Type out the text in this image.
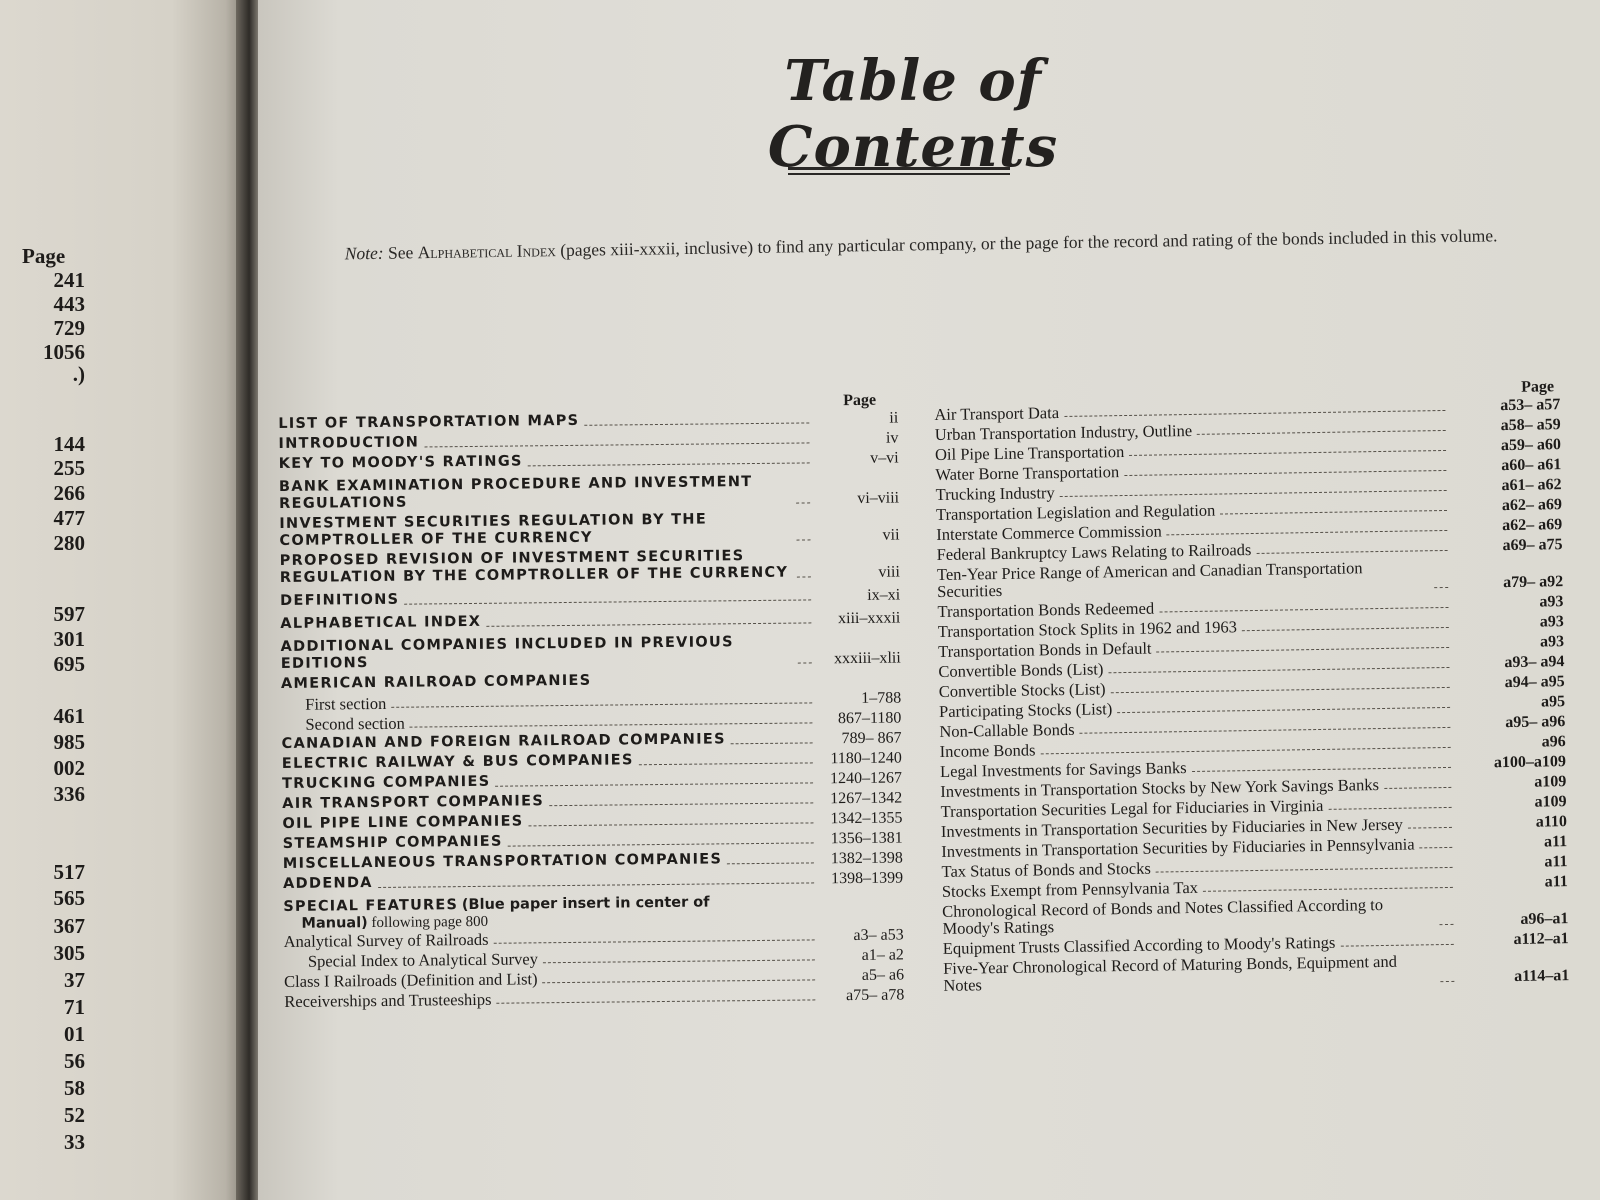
Page
241
443
729
1056
.)
144
255
266
477
280
597
301
695
461
985
002
336
517
565
367
305
37
71
01
56
58
52
33
Table of Contents
Note: See Alphabetical Index (pages xiii-xxxii, inclusive) to find any particular company, or the page for the record and rating of the bonds included in this volume.
Page
LIST OF TRANSPORTATION MAPS	ii
INTRODUCTION	iv
KEY TO MOODY'S RATINGS	v–vi
BANK EXAMINATION PROCEDURE AND INVESTMENT REGULATIONS	vi–viii
INVESTMENT SECURITIES REGULATION BY THE COMPTROLLER OF THE CURRENCY	vii
PROPOSED REVISION OF INVESTMENT SECURITIES REGULATION BY THE COMPTROLLER OF THE CURRENCY	viii
DEFINITIONS	ix–xi
ALPHABETICAL INDEX	xiii–xxxii
ADDITIONAL COMPANIES INCLUDED IN PREVIOUS EDITIONS	xxxiii–xlii
AMERICAN RAILROAD COMPANIES
First section	1–788
Second section	867–1180
CANADIAN AND FOREIGN RAILROAD COMPANIES	789– 867
ELECTRIC RAILWAY & BUS COMPANIES	1180–1240
TRUCKING COMPANIES	1240–1267
AIR TRANSPORT COMPANIES	1267–1342
OIL PIPE LINE COMPANIES	1342–1355
STEAMSHIP COMPANIES	1356–1381
MISCELLANEOUS TRANSPORTATION COMPANIES	1382–1398
ADDENDA	1398–1399
SPECIAL FEATURES (Blue paper insert in center of
Manual) following page 800
Analytical Survey of Railroads	a3– a53
Special Index to Analytical Survey	a1– a2
Class I Railroads (Definition and List)	a5– a6
Receiverships and Trusteeships	a75– a78
Page
Air Transport Data	a53– a57
Urban Transportation Industry, Outline	a58– a59
Oil Pipe Line Transportation	a59– a60
Water Borne Transportation	a60– a61
Trucking Industry	a61– a62
Transportation Legislation and Regulation	a62– a69
Interstate Commerce Commission	a62– a69
Federal Bankruptcy Laws Relating to Railroads	a69– a75
Ten-Year Price Range of American and Canadian Transportation Securities	a79– a92
Transportation Bonds Redeemed	a93
Transportation Stock Splits in 1962 and 1963	a93
Transportation Bonds in Default	a93
Convertible Bonds (List)	a93– a94
Convertible Stocks (List)	a94– a95
Participating Stocks (List)	a95
Non-Callable Bonds	a95– a96
Income Bonds	a96
Legal Investments for Savings Banks	a100–a109
Investments in Transportation Stocks by New York Savings Banks	a109
Transportation Securities Legal for Fiduciaries in Virginia	a109
Investments in Transportation Securities by Fiduciaries in New Jersey	a110
Investments in Transportation Securities by Fiduciaries in Pennsylvania	a11
Tax Status of Bonds and Stocks	a11
Stocks Exempt from Pennsylvania Tax	a11
Chronological Record of Bonds and Notes Classified According to Moody's Ratings	a96–a1
Equipment Trusts Classified According to Moody's Ratings	a112–a1
Five-Year Chronological Record of Maturing Bonds, Equipment and Notes	a114–a1
